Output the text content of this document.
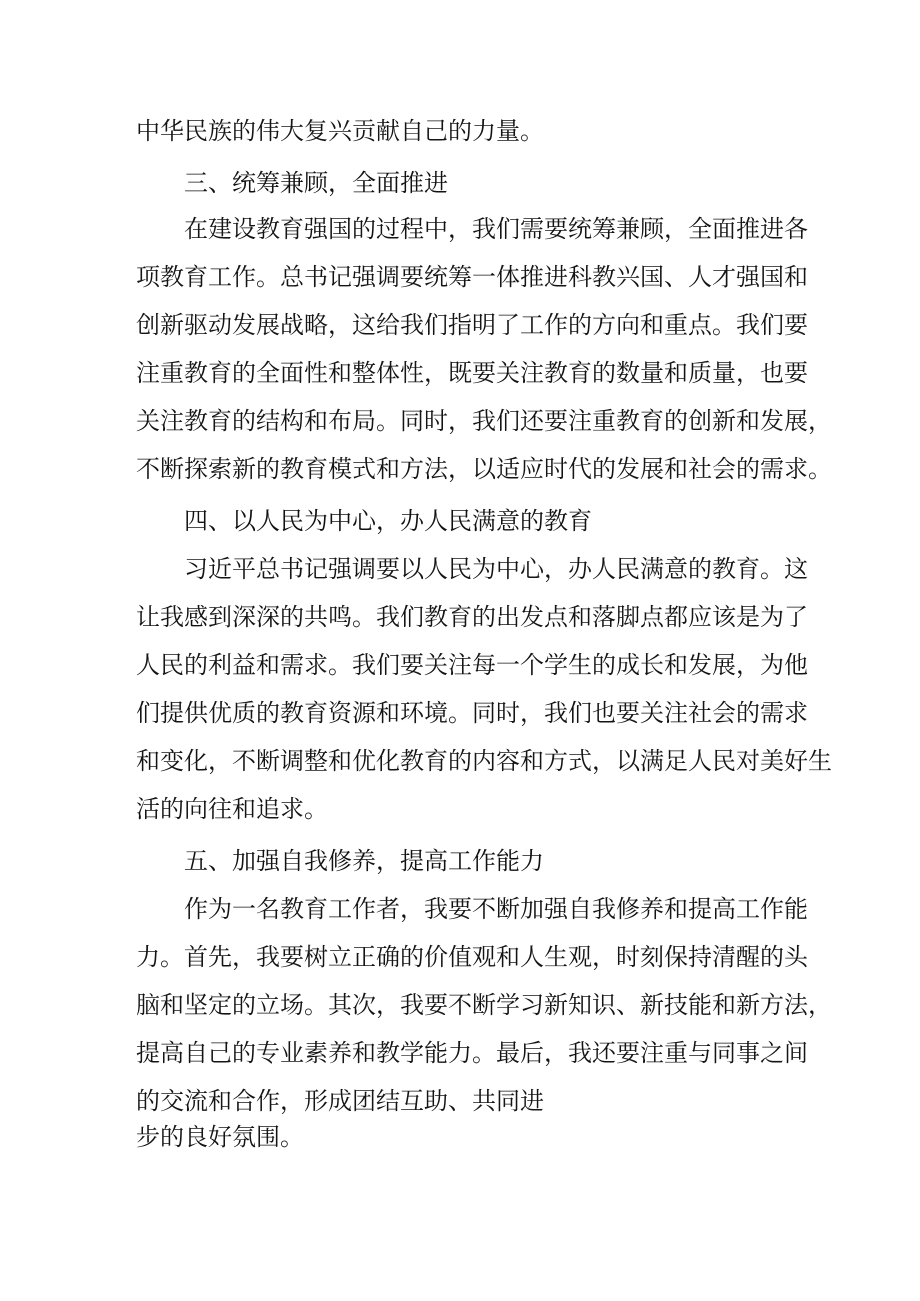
中华民族的伟大复兴贡献自己的力量。
三、统筹兼顾，全面推进
在建设教育强国的过程中，我们需要统筹兼顾，全面推进各
项教育工作。总书记强调要统筹一体推进科教兴国、人才强国和
创新驱动发展战略，这给我们指明了工作的方向和重点。我们要
注重教育的全面性和整体性，既要关注教育的数量和质量，也要
关注教育的结构和布局。同时，我们还要注重教育的创新和发展，
不断探索新的教育模式和方法，以适应时代的发展和社会的需求。
四、以人民为中心，办人民满意的教育
习近平总书记强调要以人民为中心，办人民满意的教育。这
让我感到深深的共鸣。我们教育的出发点和落脚点都应该是为了
人民的利益和需求。我们要关注每一个学生的成长和发展，为他
们提供优质的教育资源和环境。同时，我们也要关注社会的需求
和变化，不断调整和优化教育的内容和方式，以满足人民对美好生
活的向往和追求。
五、加强自我修养，提高工作能力
作为一名教育工作者，我要不断加强自我修养和提高工作能
力。首先，我要树立正确的价值观和人生观，时刻保持清醒的头
脑和坚定的立场。其次，我要不断学习新知识、新技能和新方法，
提高自己的专业素养和教学能力。最后，我还要注重与同事之间
的交流和合作，形成团结互助、共同进
步的良好氛围。
